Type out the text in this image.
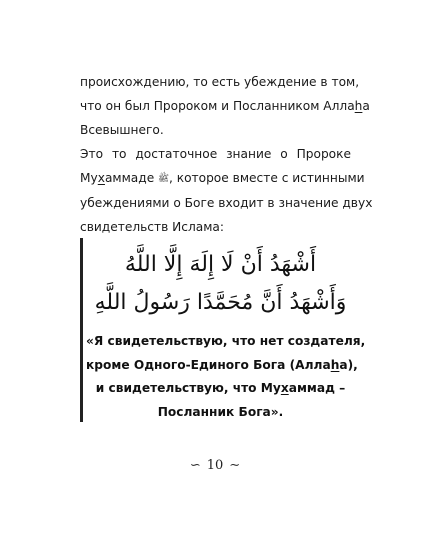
происхождению, то есть убеждение в том,
что он был Пророком и Посланником Аллаhа
Всевышнего.

Это то достаточное знание о Пророке
Мухаммаде ﷺ, которое вместе с истинными
убеждениями о Боге входит в значение двух
свидетельств Ислама:

أَشْهَدُ أَنْ لَا إِلَهَ إِلَّا اللَّهُ
وَأَشْهَدُ أَنَّ مُحَمَّدًا رَسُولُ اللَّهِ
«Я свидетельствую, что нет создателя,
кроме Одного-Единого Бога (Аллаhа),
и свидетельствую, что Мухаммад –
Посланник Бога».
∽ 10 ∼
